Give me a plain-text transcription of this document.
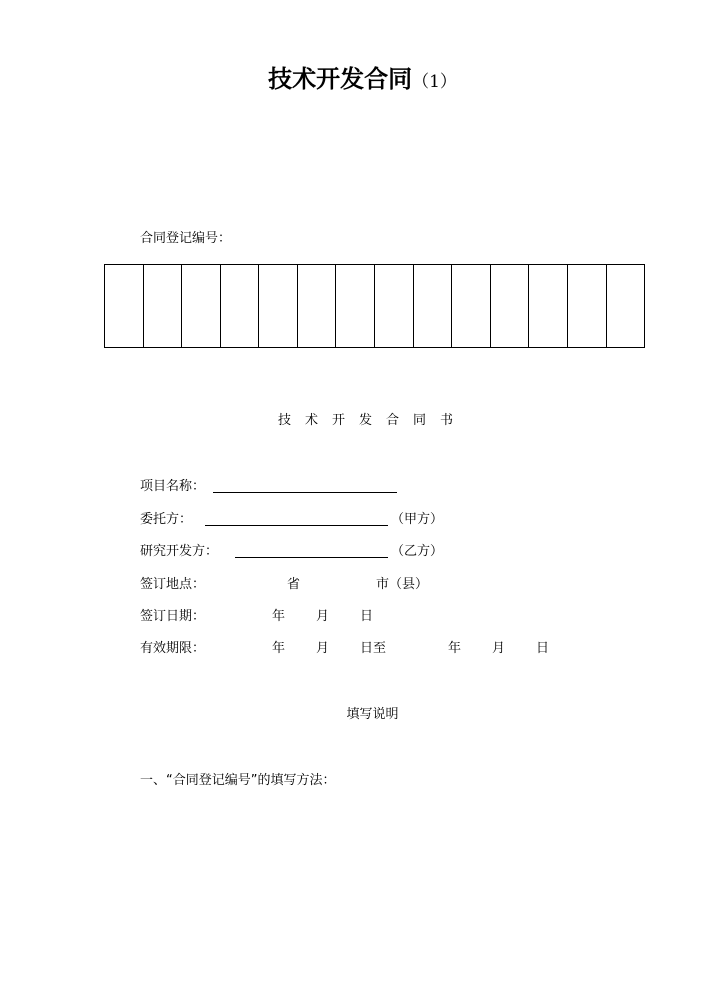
技术开发合同（1）
合同登记编号：
技术开发合同书
项目名称：
委托方：	（甲方）
研究开发方：	（乙方）
签订地点：	省	市（县）
签订日期：	年 月 日
有效期限：	年 月 日至	年 月 日
填写说明
一、“合同登记编号”的填写方法：
